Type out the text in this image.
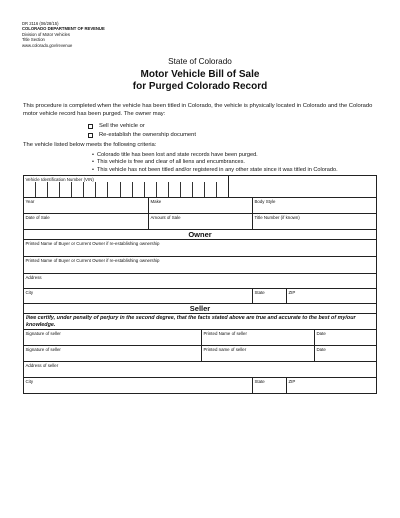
DR 2116 (06/28/15)
COLORADO DEPARTMENT OF REVENUE
Division of Motor Vehicles
Title Section
www.colorado.gov/revenue
State of Colorado
Motor Vehicle Bill of Sale
for Purged Colorado Record
This procedure is completed when the vehicle has been titled in Colorado, the vehicle is physically located in Colorado and the Colorado motor vehicle record has been purged. The owner may:
Sell the vehicle or
Re-establish the ownership document
The vehicle listed below meets the following criteria:
• Colorado title has been lost and state records have been purged.
• This vehicle is free and clear of all liens and encumbrances.
• This vehicle has not been titled and/or registered in any other state since it was titled in Colorado.
Vehicle Identification Number (VIN)
Year	Make	Body Style
Date of Sale	Amount of Sale	Title Number (if known)
Owner
Printed Name of Buyer or Current Owner if re-establishing ownership
Printed Name of Buyer or Current Owner if re-establishing ownership
Address
City	State	ZIP
Seller
I/we certify, under penalty of perjury in the second degree, that the facts stated above are true and accurate to the best of my/our knowledge.
Signature of seller	Printed Name of seller	Date
Signature of seller	Printed name of seller	Date
Address of seller
City	State	ZIP
